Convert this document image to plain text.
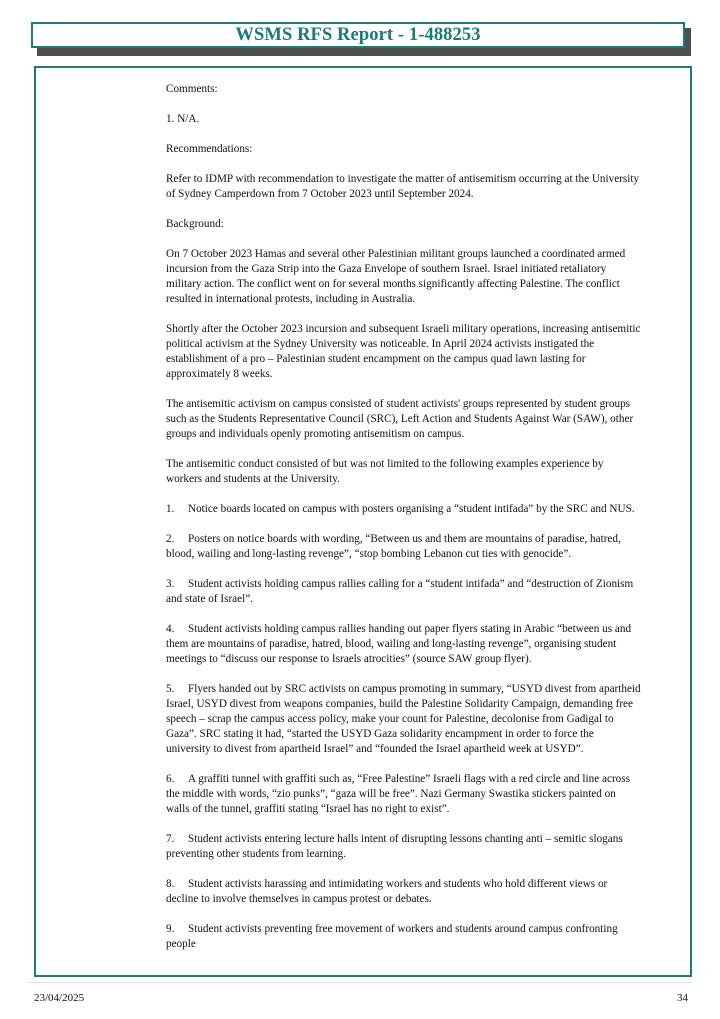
WSMS RFS Report - 1-488253

Comments:

1. N/A.

Recommendations:

Refer to IDMP with recommendation to investigate the matter of antisemitism occurring at the University of Sydney Camperdown from 7 October 2023 until September 2024.

Background:

On 7 October 2023 Hamas and several other Palestinian militant groups launched a coordinated armed incursion from the Gaza Strip into the Gaza Envelope of southern Israel. Israel initiated retaliatory military action. The conflict went on for several months significantly affecting Palestine. The conflict resulted in international protests, including in Australia.

Shortly after the October 2023 incursion and subsequent Israeli military operations, increasing antisemitic political activism at the Sydney University was noticeable. In April 2024 activists instigated the establishment of a pro – Palestinian student encampment on the campus quad lawn lasting for approximately 8 weeks.

The antisemitic activism on campus consisted of student activists' groups represented by student groups such as the Students Representative Council (SRC), Left Action and Students Against War (SAW), other groups and individuals openly promoting antisemitism on campus.

The antisemitic conduct consisted of but was not limited to the following examples experience by workers and students at the University.

1. Notice boards located on campus with posters organising a “student intifada” by the SRC and NUS.

2. Posters on notice boards with wording, “Between us and them are mountains of paradise, hatred, blood, wailing and long-lasting revenge”, “stop bombing Lebanon cut ties with genocide”.

3. Student activists holding campus rallies calling for a “student intifada” and “destruction of Zionism and state of Israel”.

4. Student activists holding campus rallies handing out paper flyers stating in Arabic “between us and them are mountains of paradise, hatred, blood, wailing and long-lasting revenge”, organising student meetings to “discuss our response to Israels atrocities” (source SAW group flyer).

5. Flyers handed out by SRC activists on campus promoting in summary, “USYD divest from apartheid Israel, USYD divest from weapons companies, build the Palestine Solidarity Campaign, demanding free speech – scrap the campus access policy, make your count for Palestine, decolonise from Gadigal to Gaza”. SRC stating it had, “started the USYD Gaza solidarity encampment in order to force the university to divest from apartheid Israel” and “founded the Israel apartheid week at USYD”.

6. A graffiti tunnel with graffiti such as, “Free Palestine” Israeli flags with a red circle and line across the middle with words, “zio punks”, “gaza will be free”. Nazi Germany Swastika stickers painted on walls of the tunnel, graffiti stating “Israel has no right to exist”.

7. Student activists entering lecture halls intent of disrupting lessons chanting anti – semitic slogans preventing other students from learning.

8. Student activists harassing and intimidating workers and students who hold different views or decline to involve themselves in campus protest or debates.

9. Student activists preventing free movement of workers and students around campus confronting people

23/04/2025	34
